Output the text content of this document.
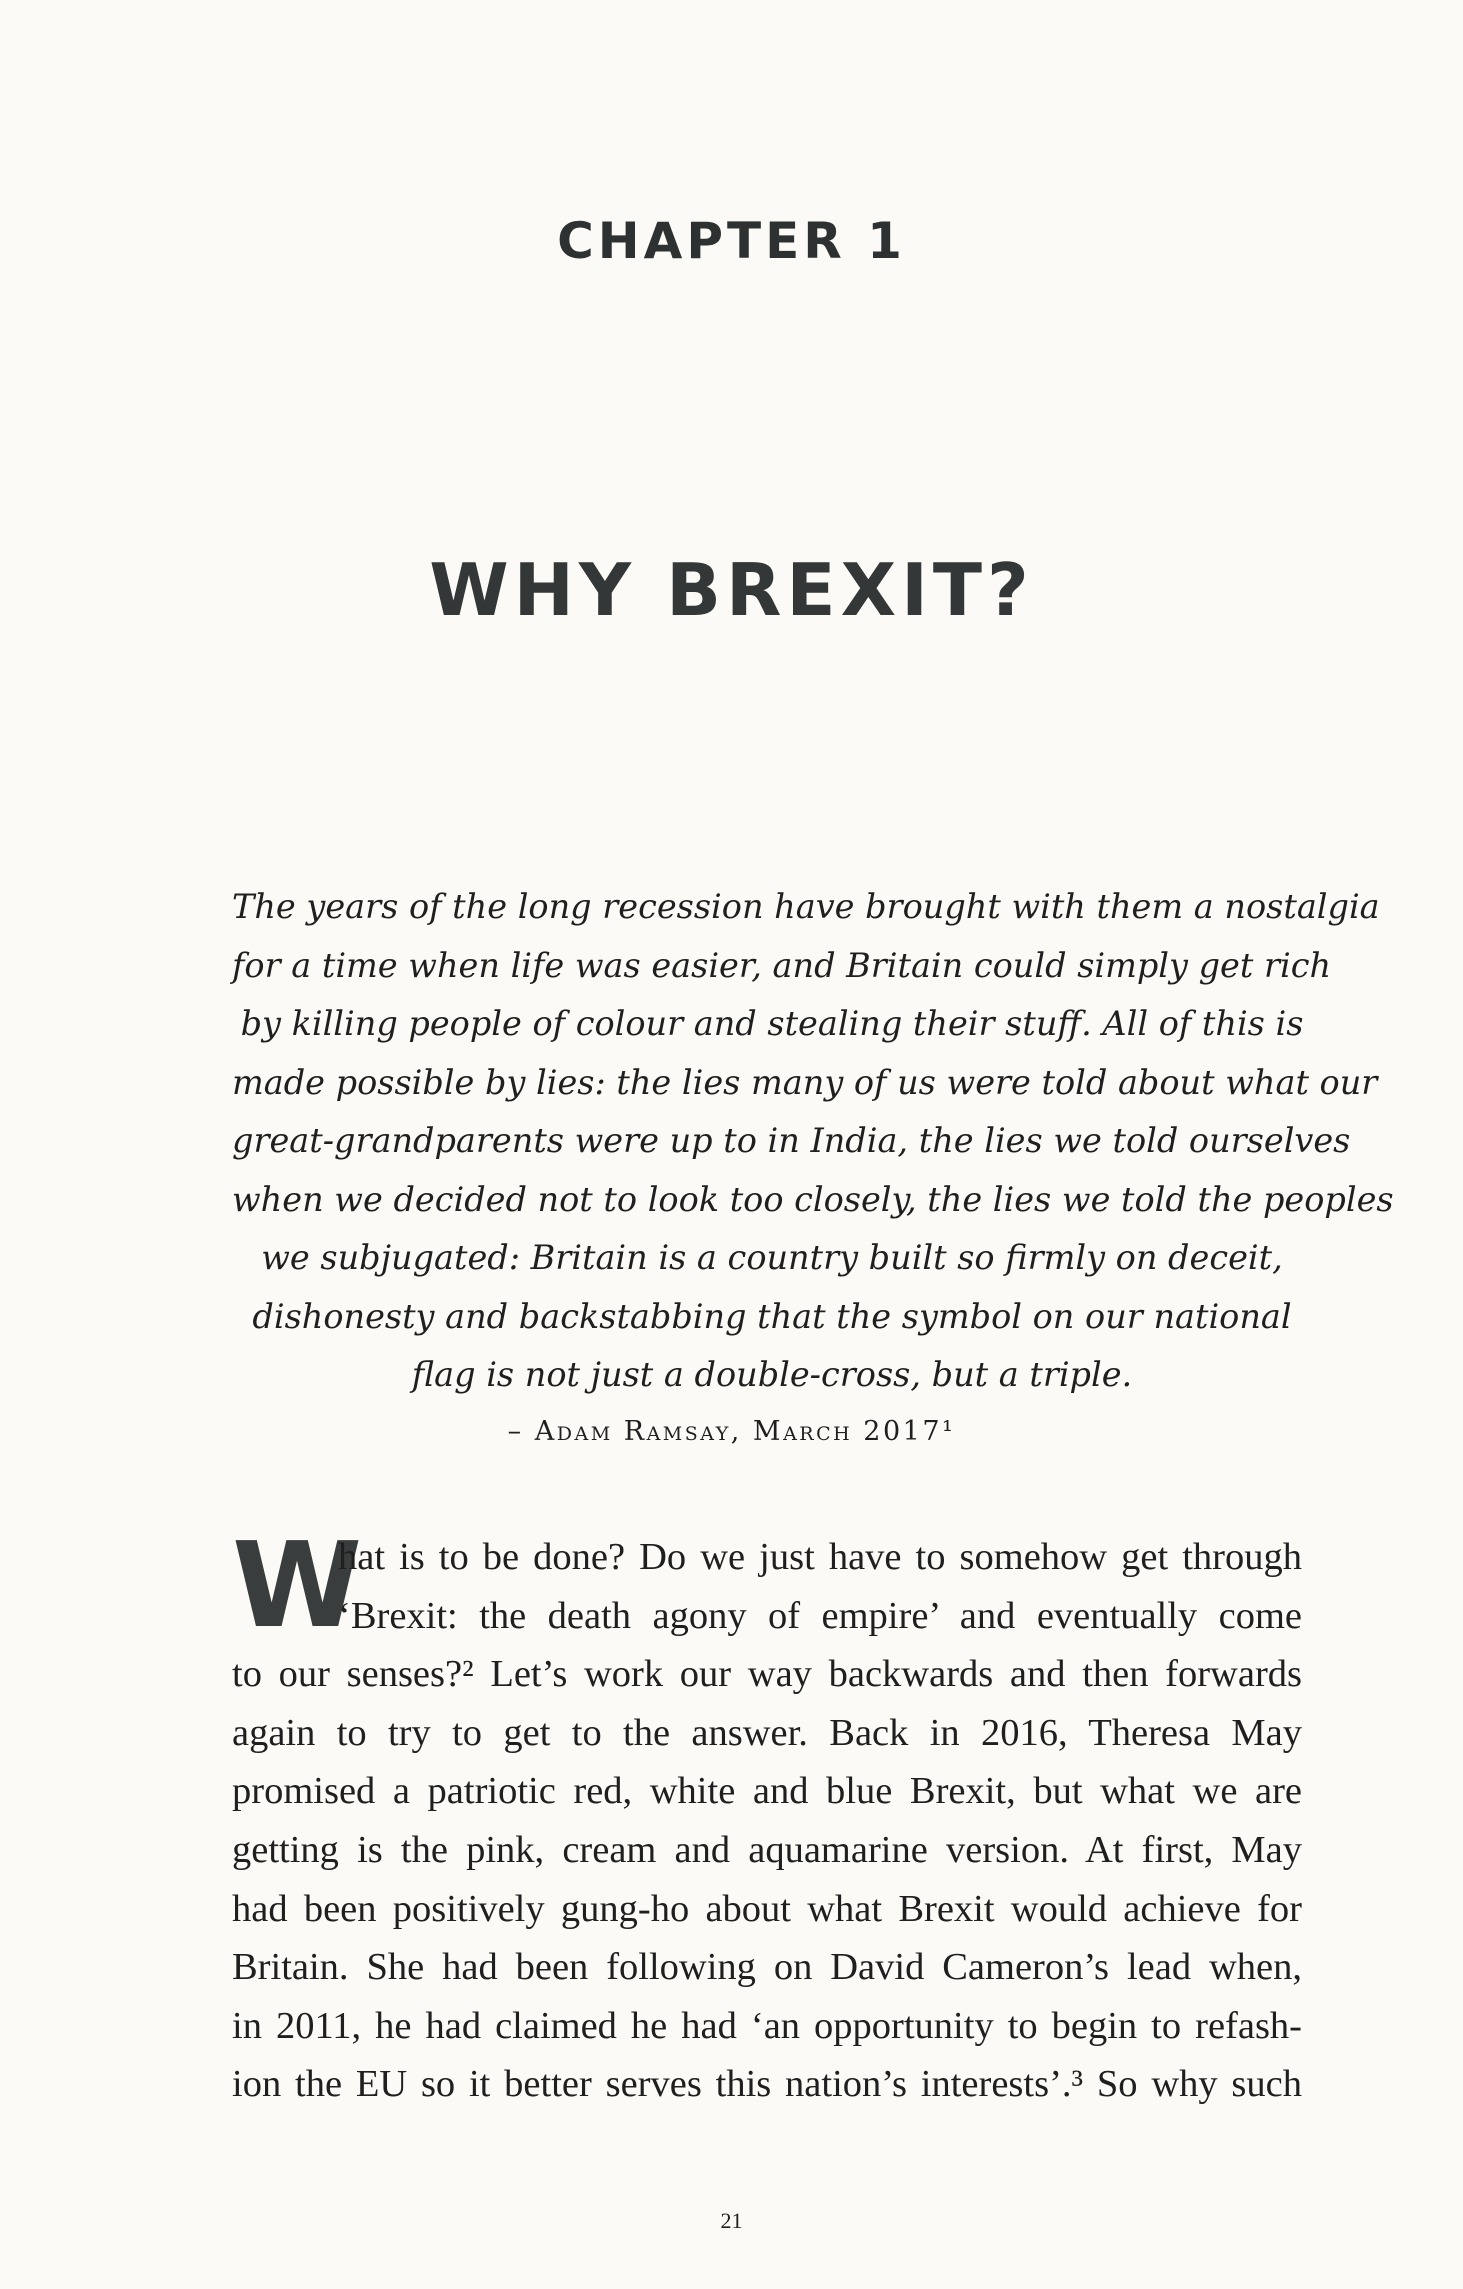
CHAPTER 1
WHY BREXIT?
The years of the long recession have brought with them a nostalgia
for a time when life was easier, and Britain could simply get rich
by killing people of colour and stealing their stuff. All of this is
made possible by lies: the lies many of us were told about what our
great-grandparents were up to in India, the lies we told ourselves
when we decided not to look too closely, the lies we told the peoples
we subjugated: Britain is a country built so firmly on deceit,
dishonesty and backstabbing that the symbol on our national
flag is not just a double-cross, but a triple.
– Adam Ramsay, March 2017¹
W
hat is to be done? Do we just have to somehow get through
‘Brexit: the death agony of empire’ and eventually come
to our senses?² Let’s work our way backwards and then forwards
again to try to get to the answer. Back in 2016, Theresa May
promised a patriotic red, white and blue Brexit, but what we are
getting is the pink, cream and aquamarine version. At first, May
had been positively gung-ho about what Brexit would achieve for
Britain. She had been following on David Cameron’s lead when,
in 2011, he had claimed he had ‘an opportunity to begin to refash-
ion the EU so it better serves this nation’s interests’.³ So why such
21
